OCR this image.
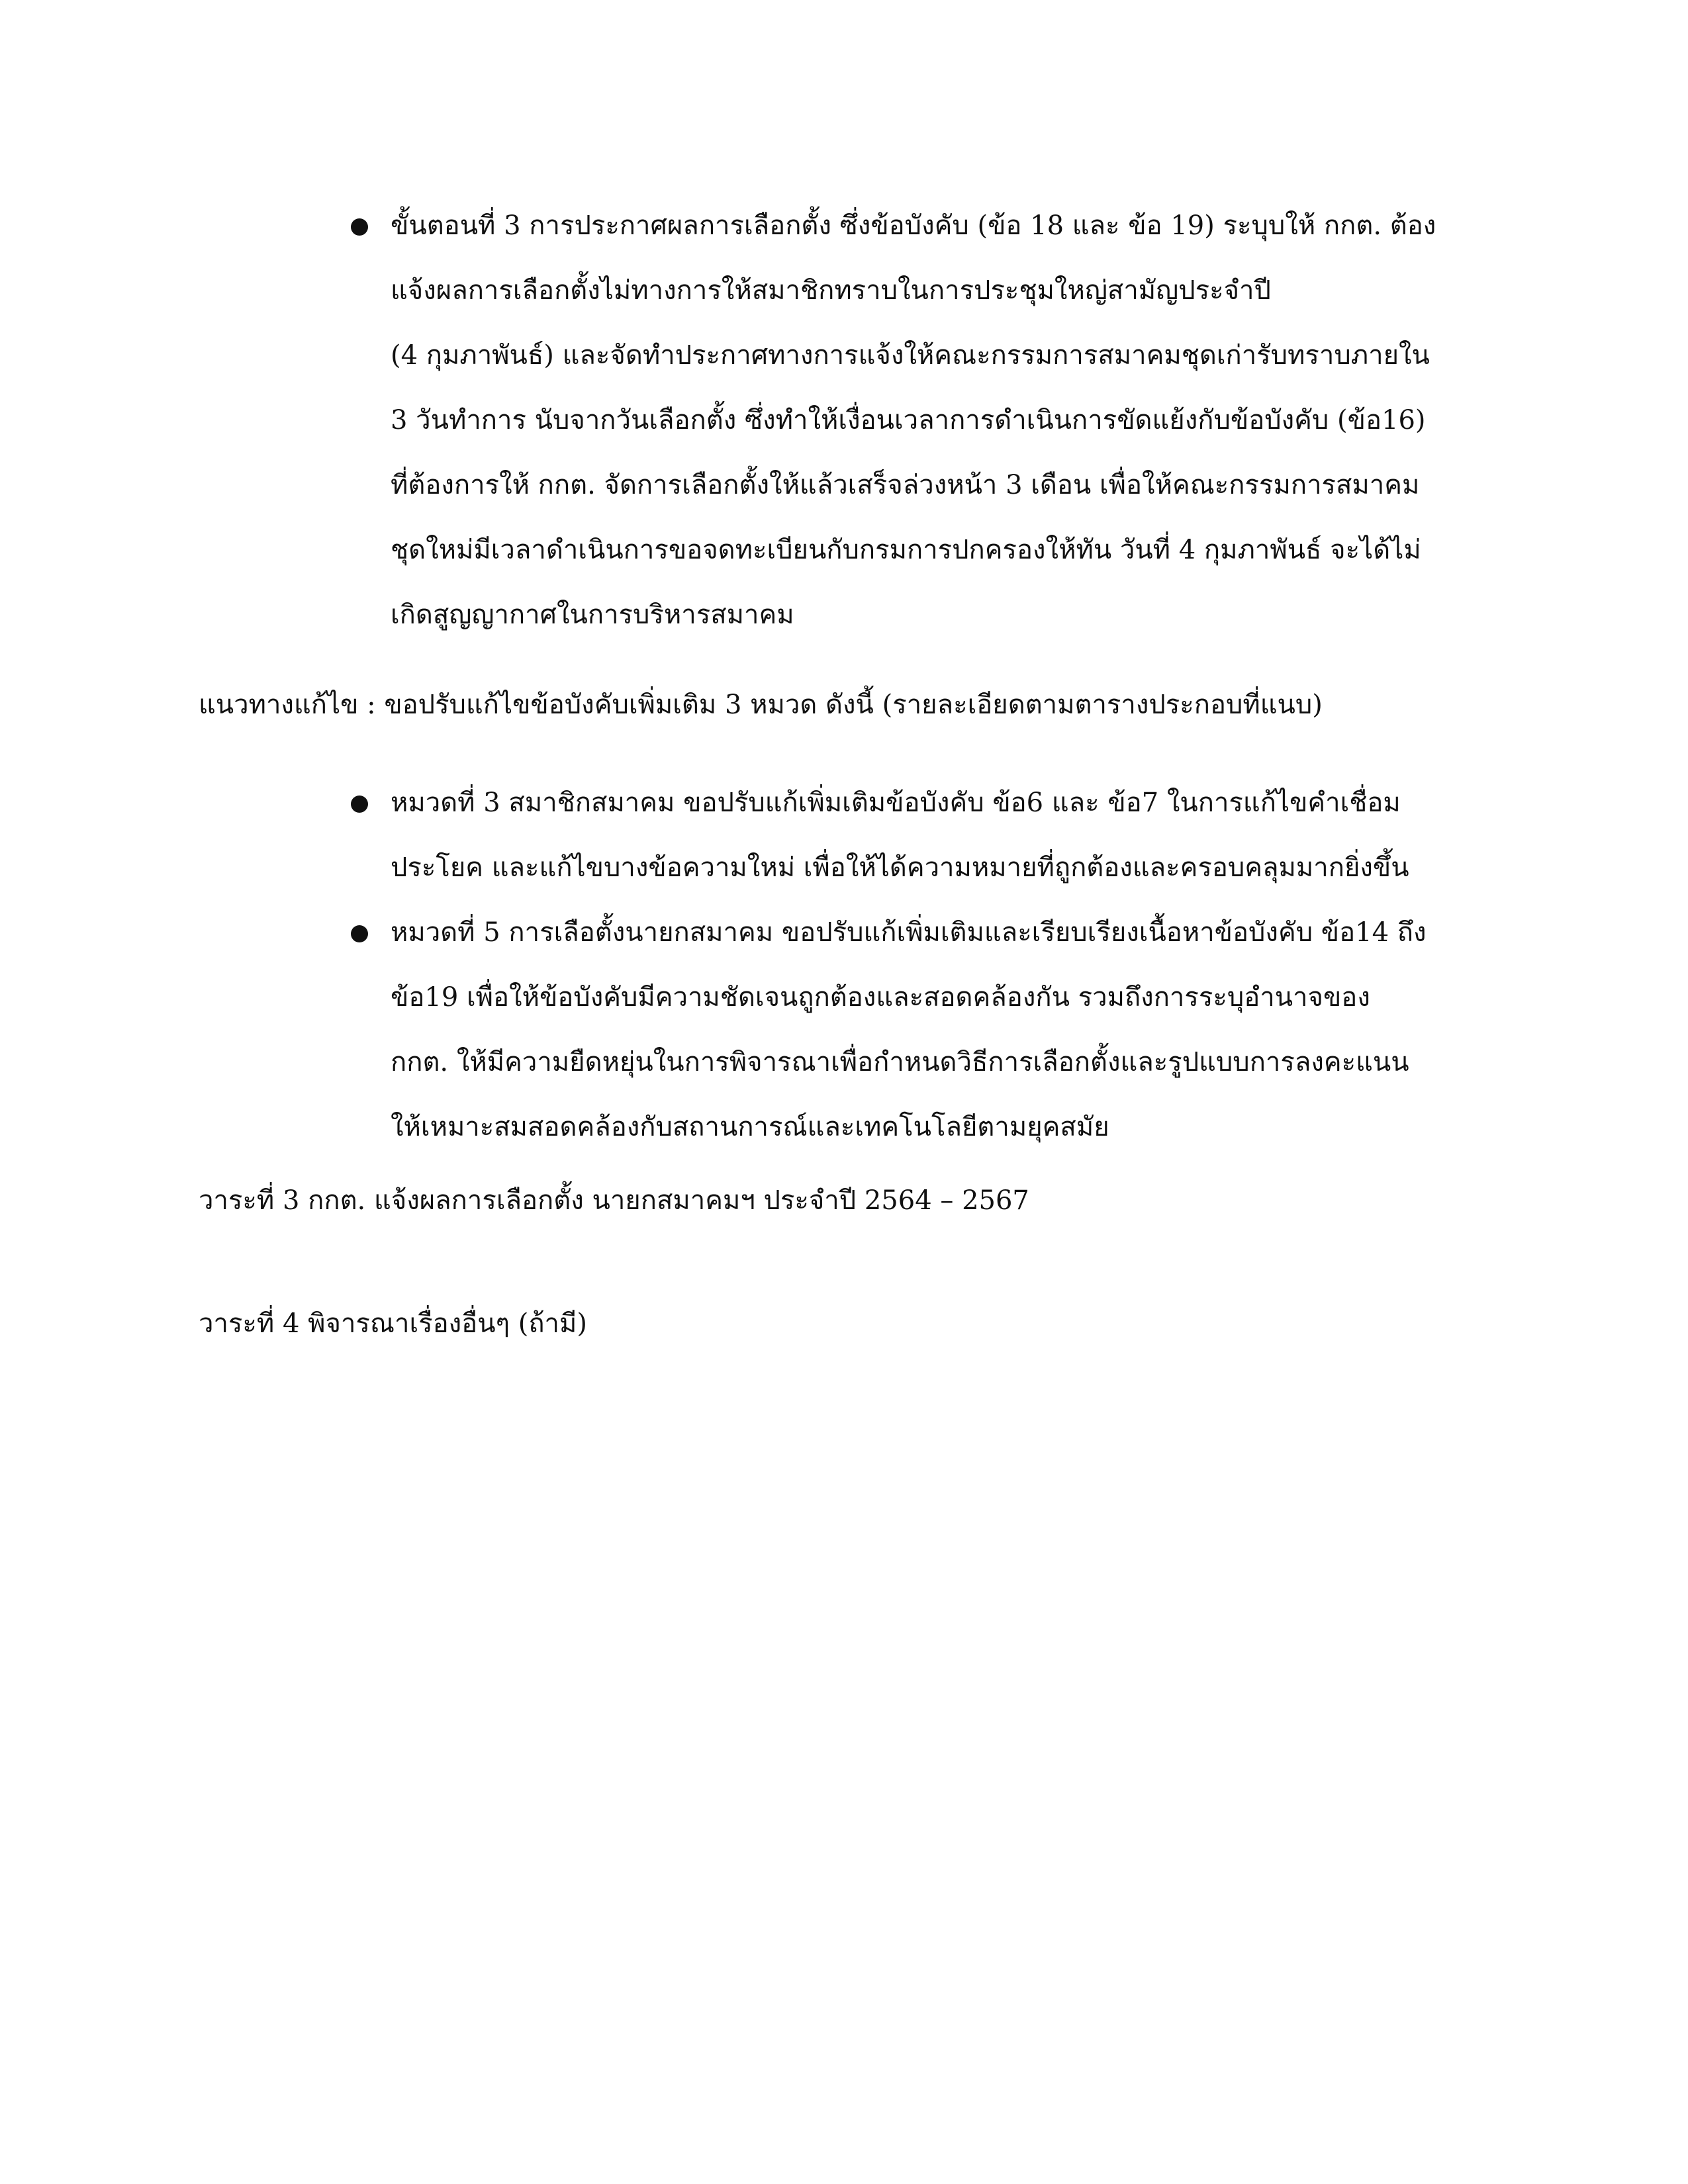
ขั้นตอนที่ 3 การประกาศผลการเลือกตั้ง ซึ่งข้อบังคับ (ข้อ 18 และ ข้อ 19) ระบุบให้ กกต. ต้อง
แจ้งผลการเลือกตั้งไม่ทางการให้สมาชิกทราบในการประชุมใหญ่สามัญประจำปี
(4 กุมภาพันธ์) และจัดทำประกาศทางการแจ้งให้คณะกรรมการสมาคมชุดเก่ารับทราบภายใน
3 วันทำการ นับจากวันเลือกตั้ง ซึ่งทำให้เงื่อนเวลาการดำเนินการขัดแย้งกับข้อบังคับ (ข้อ16)
ที่ต้องการให้ กกต. จัดการเลือกตั้งให้แล้วเสร็จล่วงหน้า 3 เดือน เพื่อให้คณะกรรมการสมาคม
ชุดใหม่มีเวลาดำเนินการขอจดทะเบียนกับกรมการปกครองให้ทัน วันที่ 4 กุมภาพันธ์ จะได้ไม่
เกิดสูญญากาศในการบริหารสมาคม

แนวทางแก้ไข : ขอปรับแก้ไขข้อบังคับเพิ่มเติม 3 หมวด ดังนี้ (รายละเอียดตามตารางประกอบที่แนบ)

หมวดที่ 3 สมาชิกสมาคม ขอปรับแก้เพิ่มเติมข้อบังคับ ข้อ6 และ ข้อ7 ในการแก้ไขคำเชื่อม
ประโยค และแก้ไขบางข้อความใหม่ เพื่อให้ได้ความหมายที่ถูกต้องและครอบคลุมมากยิ่งขึ้น
หมวดที่ 5 การเลือตั้งนายกสมาคม ขอปรับแก้เพิ่มเติมและเรียบเรียงเนื้อหาข้อบังคับ ข้อ14 ถึง
ข้อ19 เพื่อให้ข้อบังคับมีความชัดเจนถูกต้องและสอดคล้องกัน รวมถึงการระบุอำนาจของ
กกต. ให้มีความยืดหยุ่นในการพิจารณาเพื่อกำหนดวิธีการเลือกตั้งและรูปแบบการลงคะแนน
ให้เหมาะสมสอดคล้องกับสถานการณ์และเทคโนโลยีตามยุคสมัย

วาระที่ 3 กกต. แจ้งผลการเลือกตั้ง นายกสมาคมฯ ประจำปี 2564 – 2567

วาระที่ 4 พิจารณาเรื่องอื่นๆ (ถ้ามี)
